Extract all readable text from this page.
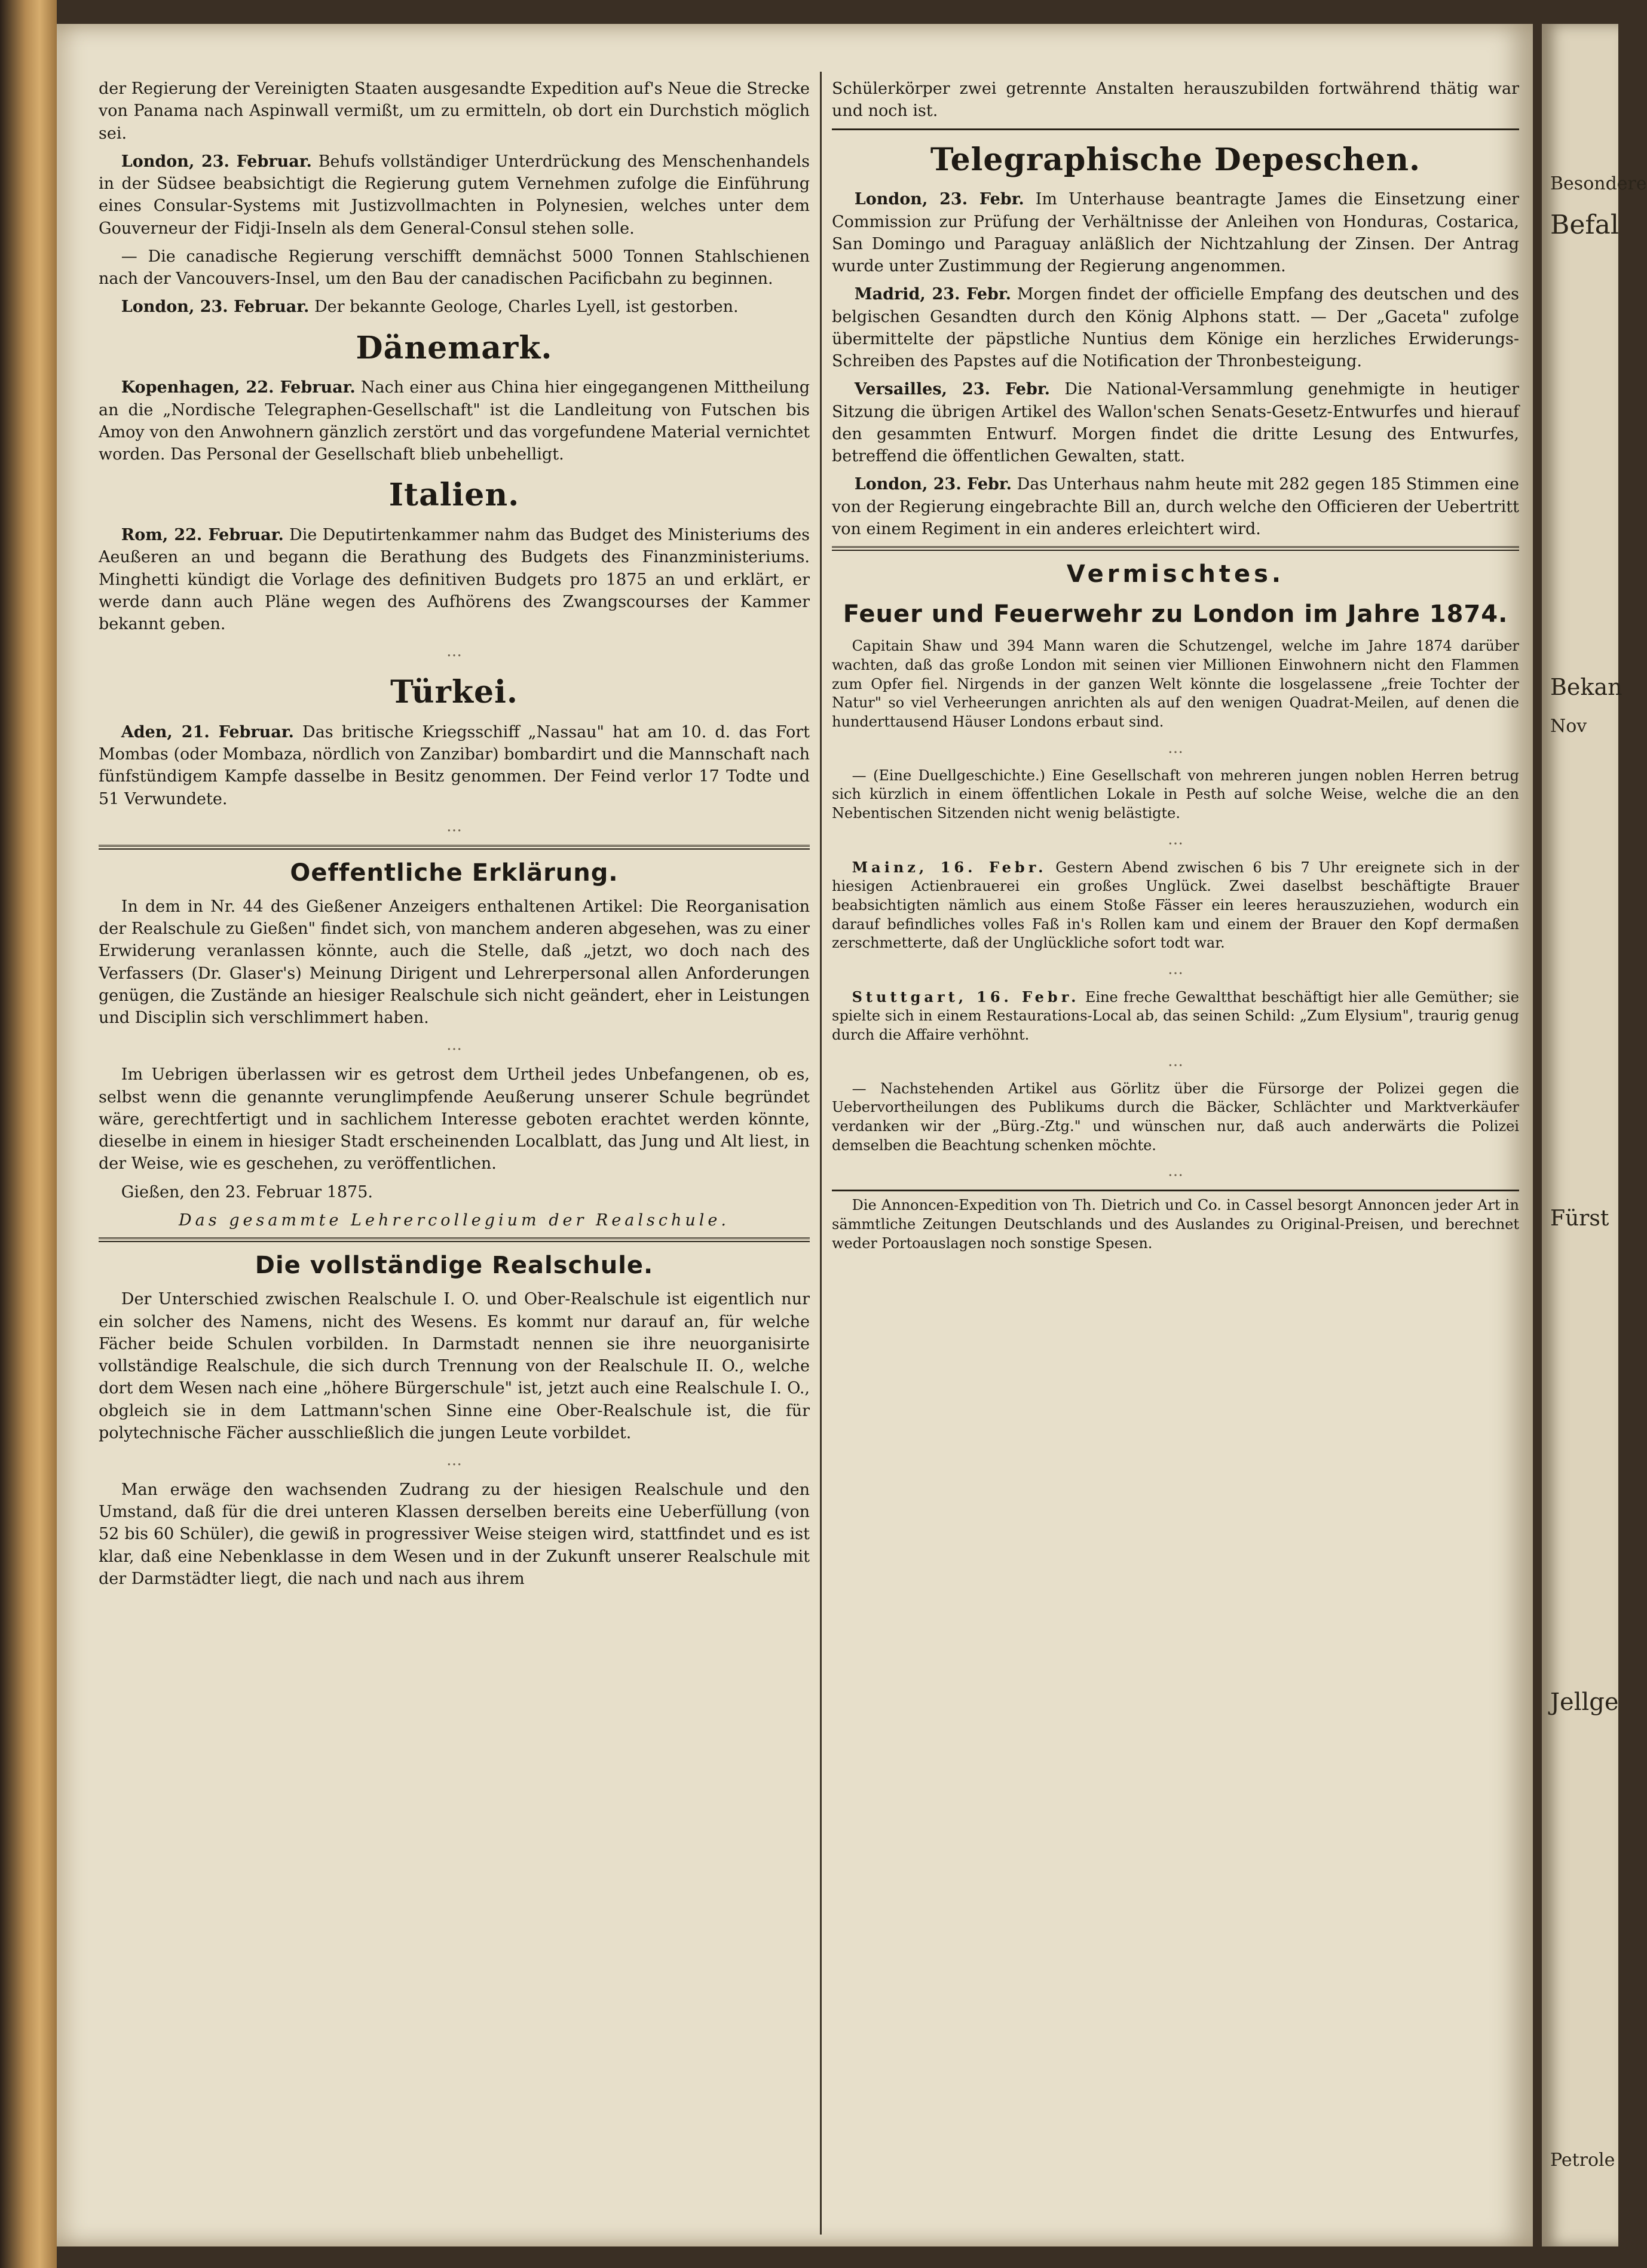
der Regierung der Vereinigten Staaten ausgesandte Expedition auf's Neue die Strecke von Panama nach Aspinwall vermißt, um zu ermitteln, ob dort ein Durchstich möglich sei.

London, 23. Februar. Behufs vollständiger Unterdrückung des Menschenhandels in der Südsee beabsichtigt die Regierung gutem Vernehmen zufolge die Einführung eines Consular-Systems mit Justizvollmachten in Polynesien, welches unter dem Gouverneur der Fidji-Inseln als dem General-Consul stehen solle.

— Die canadische Regierung verschifft demnächst 5000 Tonnen Stahlschienen nach der Vancouvers-Insel, um den Bau der canadischen Pacificbahn zu beginnen.

London, 23. Februar. Der bekannte Geologe, Charles Lyell, ist gestorben.

Dänemark.

Kopenhagen, 22. Februar. Nach einer aus China hier eingegangenen Mittheilung an die „Nordische Telegraphen-Gesellschaft" ist die Landleitung von Futschen bis Amoy von den Anwohnern gänzlich zerstört und das vorgefundene Material vernichtet worden. Das Personal der Gesellschaft blieb unbehelligt.

Italien.

Rom, 22. Februar. Die Deputirtenkammer nahm das Budget des Ministeriums des Aeußeren an und begann die Berathung des Budgets des Finanzministeriums. Minghetti kündigt die Vorlage des definitiven Budgets pro 1875 an und erklärt, er werde dann auch Pläne wegen des Aufhörens des Zwangscourses der Kammer bekannt geben.

…
Türkei.

Aden, 21. Februar. Das britische Kriegsschiff „Nassau" hat am 10. d. das Fort Mombas (oder Mombaza, nördlich von Zanzibar) bombardirt und die Mannschaft nach fünfstündigem Kampfe dasselbe in Besitz genommen. Der Feind verlor 17 Todte und 51 Verwundete.

…
Oeffentliche Erklärung.

In dem in Nr. 44 des Gießener Anzeigers enthaltenen Artikel: Die Reorganisation der Realschule zu Gießen" findet sich, von manchem anderen abgesehen, was zu einer Erwiderung veranlassen könnte, auch die Stelle, daß „jetzt, wo doch nach des Verfassers (Dr. Glaser's) Meinung Dirigent und Lehrerpersonal allen Anforderungen genügen, die Zustände an hiesiger Realschule sich nicht geändert, eher in Leistungen und Disciplin sich verschlimmert haben.

…

Im Uebrigen überlassen wir es getrost dem Urtheil jedes Unbefangenen, ob es, selbst wenn die genannte verunglimpfende Aeußerung unserer Schule begründet wäre, gerechtfertigt und in sachlichem Interesse geboten erachtet werden könnte, dieselbe in einem in hiesiger Stadt erscheinenden Localblatt, das Jung und Alt liest, in der Weise, wie es geschehen, zu veröffentlichen.

Gießen, den 23. Februar 1875.

Das gesammte Lehrercollegium der Realschule.
Die vollständige Realschule.

Der Unterschied zwischen Realschule I. O. und Ober-Realschule ist eigentlich nur ein solcher des Namens, nicht des Wesens. Es kommt nur darauf an, für welche Fächer beide Schulen vorbilden. In Darmstadt nennen sie ihre neuorganisirte vollständige Realschule, die sich durch Trennung von der Realschule II. O., welche dort dem Wesen nach eine „höhere Bürgerschule" ist, jetzt auch eine Realschule I. O., obgleich sie in dem Lattmann'schen Sinne eine Ober-Realschule ist, die für polytechnische Fächer ausschließlich die jungen Leute vorbildet.

…

Man erwäge den wachsenden Zudrang zu der hiesigen Realschule und den Umstand, daß für die drei unteren Klassen derselben bereits eine Ueberfüllung (von 52 bis 60 Schüler), die gewiß in progressiver Weise steigen wird, stattfindet und es ist klar, daß eine Nebenklasse in dem Wesen und in der Zukunft unserer Realschule mit der Darmstädter liegt, die nach und nach aus ihrem

Schülerkörper zwei getrennte Anstalten herauszubilden fortwährend thätig war und noch ist.

Telegraphische Depeschen.

London, 23. Febr. Im Unterhause beantragte James die Einsetzung einer Commission zur Prüfung der Verhältnisse der Anleihen von Honduras, Costarica, San Domingo und Paraguay anläßlich der Nichtzahlung der Zinsen. Der Antrag wurde unter Zustimmung der Regierung angenommen.

Madrid, 23. Febr. Morgen findet der officielle Empfang des deutschen und des belgischen Gesandten durch den König Alphons statt. — Der „Gaceta" zufolge übermittelte der päpstliche Nuntius dem Könige ein herzliches Erwiderungs-Schreiben des Papstes auf die Notification der Thronbesteigung.

Versailles, 23. Febr. Die National-Versammlung genehmigte in heutiger Sitzung die übrigen Artikel des Wallon'schen Senats-Gesetz-Entwurfes und hierauf den gesammten Entwurf. Morgen findet die dritte Lesung des Entwurfes, betreffend die öffentlichen Gewalten, statt.

London, 23. Febr. Das Unterhaus nahm heute mit 282 gegen 185 Stimmen eine von der Regierung eingebrachte Bill an, durch welche den Officieren der Uebertritt von einem Regiment in ein anderes erleichtert wird.

Vermischtes.
Feuer und Feuerwehr zu London im Jahre 1874.

Capitain Shaw und 394 Mann waren die Schutzengel, welche im Jahre 1874 darüber wachten, daß das große London mit seinen vier Millionen Einwohnern nicht den Flammen zum Opfer fiel. Nirgends in der ganzen Welt könnte die losgelassene „freie Tochter der Natur" so viel Verheerungen anrichten als auf den wenigen Quadrat-Meilen, auf denen die hunderttausend Häuser Londons erbaut sind.

…

— (Eine Duellgeschichte.) Eine Gesellschaft von mehreren jungen noblen Herren betrug sich kürzlich in einem öffentlichen Lokale in Pesth auf solche Weise, welche die an den Nebentischen Sitzenden nicht wenig belästigte.

…

Mainz, 16. Febr. Gestern Abend zwischen 6 bis 7 Uhr ereignete sich in der hiesigen Actienbrauerei ein großes Unglück. Zwei daselbst beschäftigte Brauer beabsichtigten nämlich aus einem Stoße Fässer ein leeres herauszuziehen, wodurch ein darauf befindliches volles Faß in's Rollen kam und einem der Brauer den Kopf dermaßen zerschmetterte, daß der Unglückliche sofort todt war.

…

Stuttgart, 16. Febr. Eine freche Gewaltthat beschäftigt hier alle Gemüther; sie spielte sich in einem Restaurations-Local ab, das seinen Schild: „Zum Elysium", traurig genug durch die Affaire verhöhnt.

…

— Nachstehenden Artikel aus Görlitz über die Fürsorge der Polizei gegen die Uebervortheilungen des Publikums durch die Bäcker, Schlächter und Marktverkäufer verdanken wir der „Bürg.-Ztg." und wünschen nur, daß auch anderwärts die Polizei demselben die Beachtung schenken möchte.

…

Die Annoncen-Expedition von Th. Dietrich und Co. in Cassel besorgt Annoncen jeder Art in sämmtliche Zeitungen Deutschlands und des Auslandes zu Original-Preisen, und berechnet weder Portoauslagen noch sonstige Spesen.

Besondere
Befal
Bekan
Nov
Fürst
Jellge
Petrole
